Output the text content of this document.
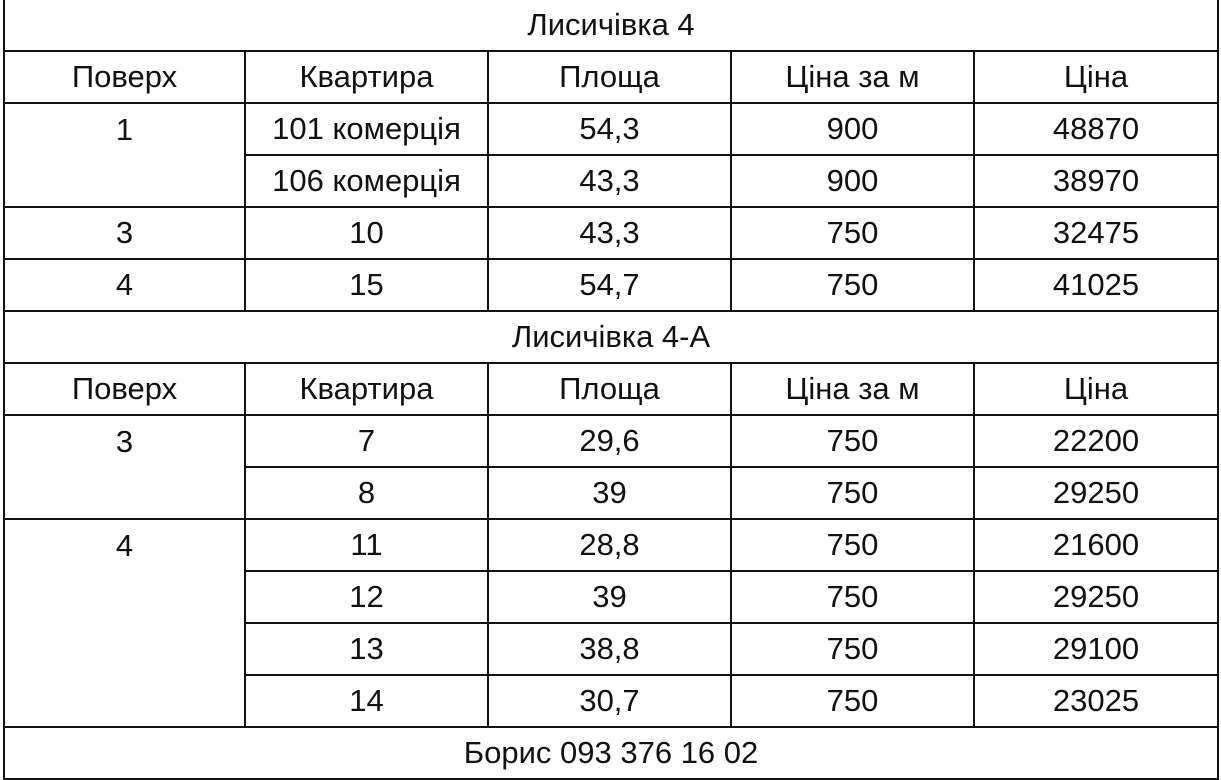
Лисичівка 4				
Поверх	Квартира	Площа	Ціна за м	Ціна
1	101 комерція	54,3	900	48870
	106 комерція	43,3	900	38970
3	10	43,3	750	32475
4	15	54,7	750	41025
Лисичівка 4-А				
Поверх	Квартира	Площа	Ціна за м	Ціна
3	7	29,6	750	22200
	8	39	750	29250
4	11	28,8	750	21600
	12	39	750	29250
	13	38,8	750	29100
	14	30,7	750	23025
Борис 093 376 16 02				
